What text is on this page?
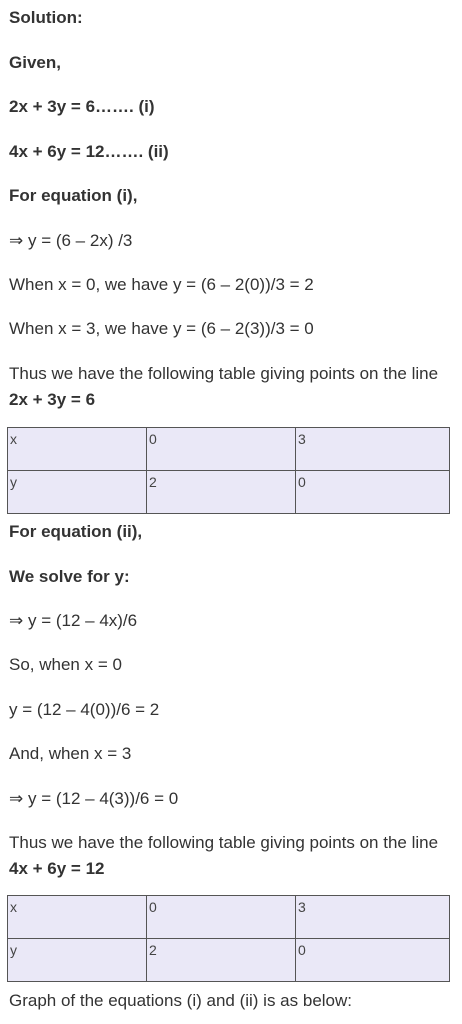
Solution:
Given,
2x + 3y = 6……. (i)
4x + 6y = 12……. (ii)
For equation (i),
⇒ y = (6 – 2x) /3
When x = 0, we have y = (6 – 2(0))/3 = 2
When x = 3, we have y = (6 – 2(3))/3 = 0
Thus we have the following table giving points on the line 2x + 3y = 6
x	0	3
y	2	0
For equation (ii),
We solve for y:
⇒ y = (12 – 4x)/6
So, when x = 0
y = (12 – 4(0))/6 = 2
And, when x = 3
⇒ y = (12 – 4(3))/6 = 0
Thus we have the following table giving points on the line 4x + 6y = 12
x	0	3
y	2	0
Graph of the equations (i) and (ii) is as below:
